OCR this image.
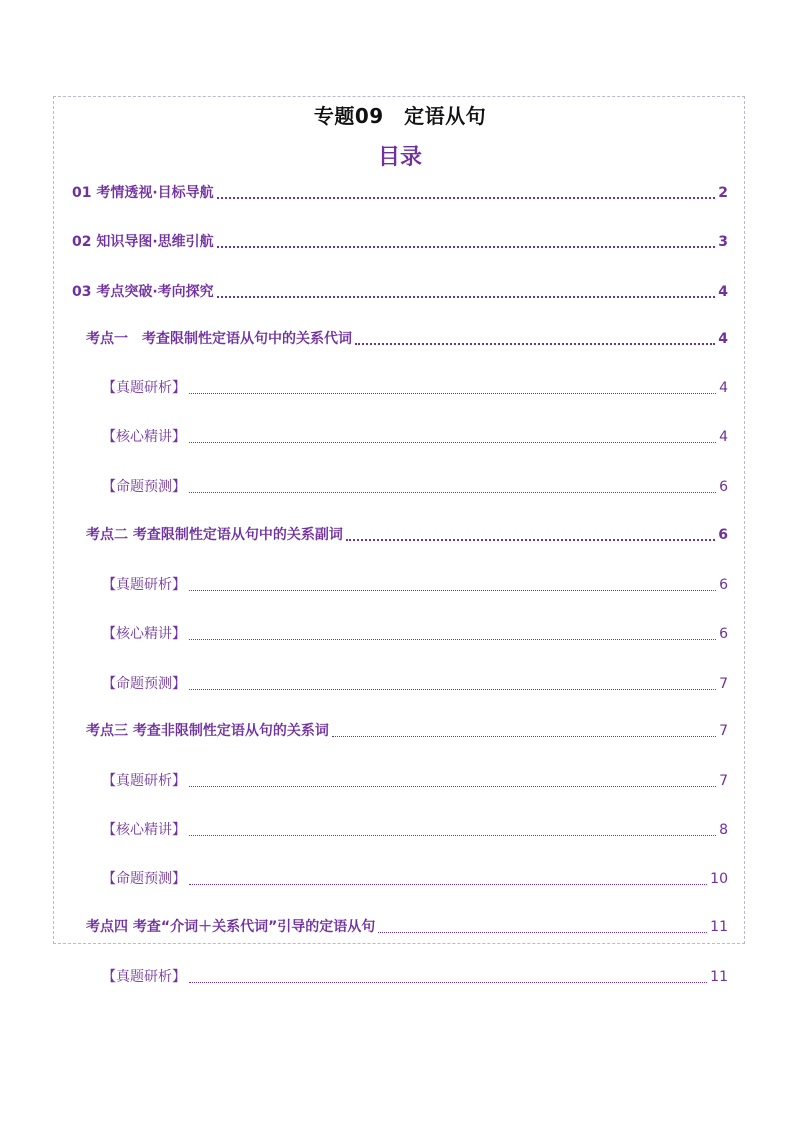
专题09　定语从句
目录
01 考情透视·目标导航	2
02 知识导图·思维引航	3
03 考点突破·考向探究	4
考点一　考查限制性定语从句中的关系代词	4
【真题研析】	4
【核心精讲】	4
【命题预测】	6
考点二 考查限制性定语从句中的关系副词	6
【真题研析】	6
【核心精讲】	6
【命题预测】	7
考点三 考查非限制性定语从句的关系词	7
【真题研析】	7
【核心精讲】	8
【命题预测】	10
考点四 考查“介词＋关系代词”引导的定语从句	11
【真题研析】	11
